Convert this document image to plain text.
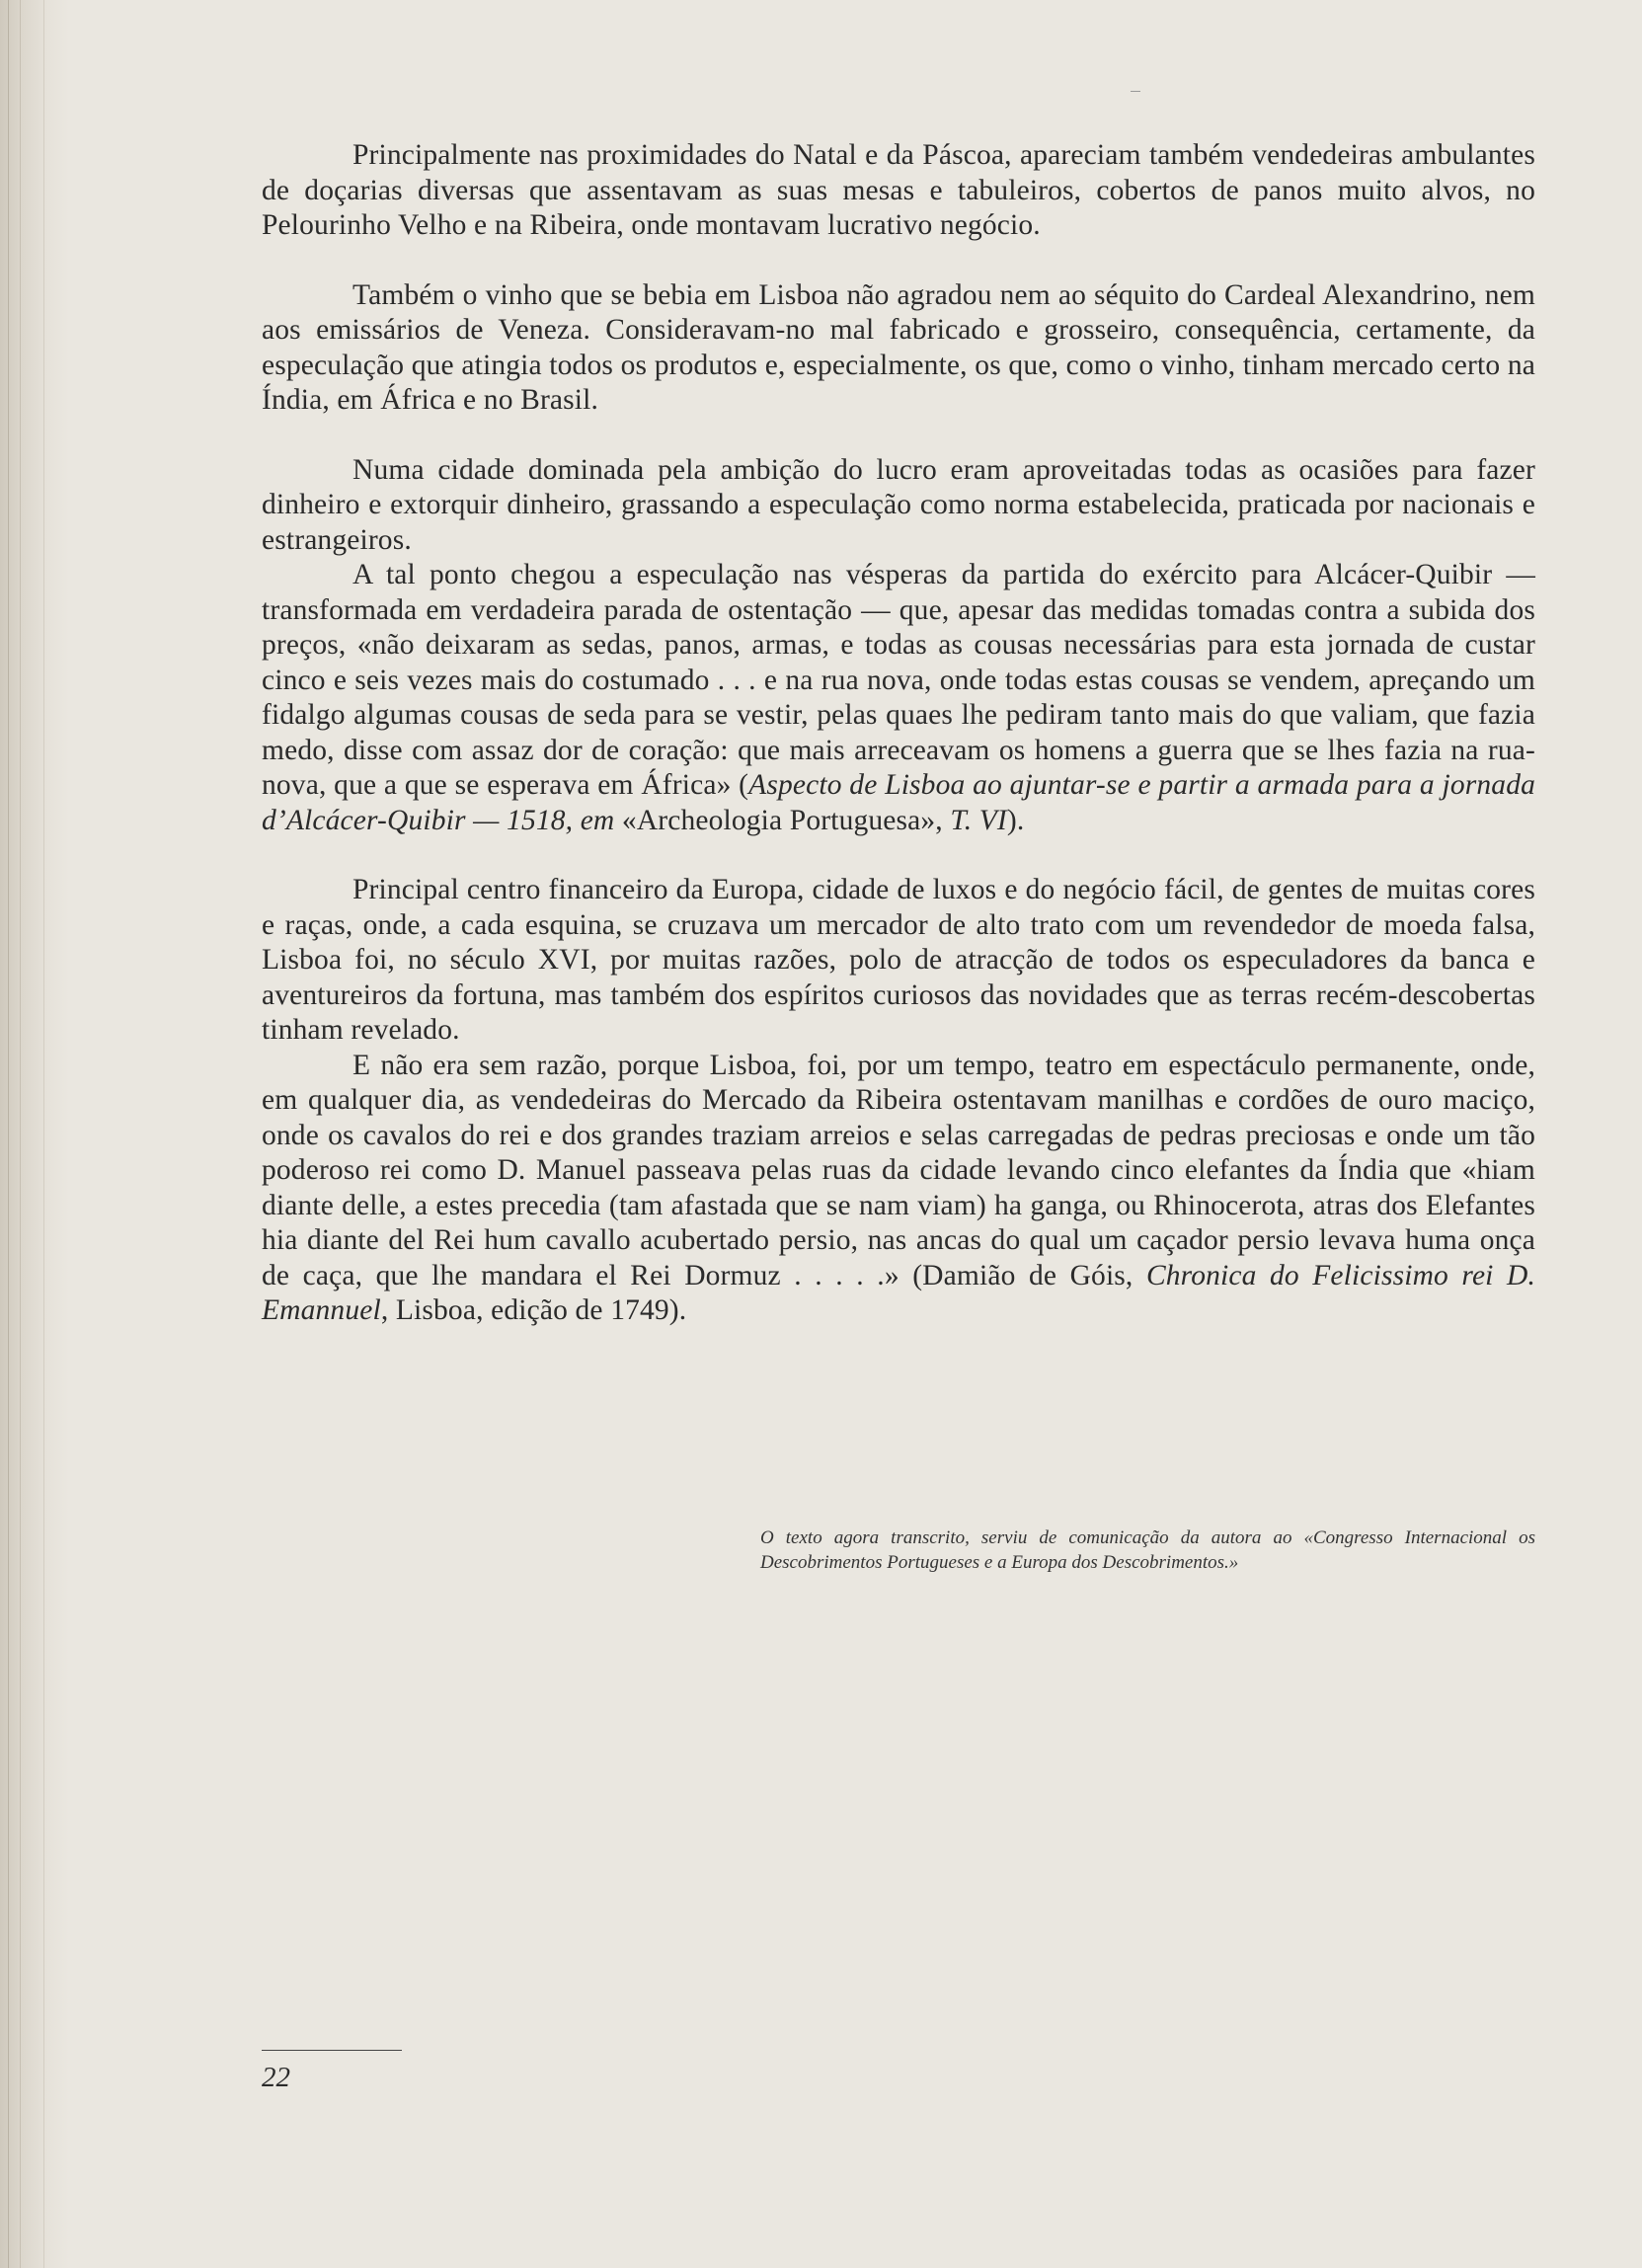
Principalmente nas proximidades do Natal e da Páscoa, apareciam também vendedeiras ambulantes de doçarias diversas que assentavam as suas mesas e tabuleiros, cobertos de panos muito alvos, no Pelourinho Velho e na Ribeira, onde montavam lucrativo negócio.

Também o vinho que se bebia em Lisboa não agradou nem ao séquito do Cardeal Alexandrino, nem aos emissários de Veneza. Consideravam-no mal fabricado e grosseiro, consequência, certamente, da especulação que atingia todos os produtos e, especialmente, os que, como o vinho, tinham mercado certo na Índia, em África e no Brasil.

Numa cidade dominada pela ambição do lucro eram aproveitadas todas as ocasiões para fazer dinheiro e extorquir dinheiro, grassando a especulação como norma estabelecida, praticada por nacionais e estrangeiros.

A tal ponto chegou a especulação nas vésperas da partida do exército para Alcácer-Quibir — transformada em verdadeira parada de ostentação — que, apesar das medidas tomadas contra a subida dos preços, «não deixaram as sedas, panos, armas, e todas as cousas necessárias para esta jornada de custar cinco e seis vezes mais do costumado . . . e na rua nova, onde todas estas cousas se vendem, apreçando um fidalgo algumas cousas de seda para se vestir, pelas quaes lhe pediram tanto mais do que valiam, que fazia medo, disse com assaz dor de coração: que mais arreceavam os homens a guerra que se lhes fazia na rua-nova, que a que se esperava em África» (Aspecto de Lisboa ao ajuntar-se e partir a armada para a jornada d’Alcácer-Quibir — 1518, em «Archeologia Portuguesa», T. VI).

Principal centro financeiro da Europa, cidade de luxos e do negócio fácil, de gentes de muitas cores e raças, onde, a cada esquina, se cruzava um mercador de alto trato com um revendedor de moeda falsa, Lisboa foi, no século XVI, por muitas razões, polo de atracção de todos os especuladores da banca e aventureiros da fortuna, mas também dos espíritos curiosos das novidades que as terras recém-descobertas tinham revelado.

E não era sem razão, porque Lisboa, foi, por um tempo, teatro em espectáculo permanente, onde, em qualquer dia, as vendedeiras do Mercado da Ribeira ostentavam manilhas e cordões de ouro maciço, onde os cavalos do rei e dos grandes traziam arreios e selas carregadas de pedras preciosas e onde um tão poderoso rei como D. Manuel passeava pelas ruas da cidade levando cinco elefantes da Índia que «hiam diante delle, a estes precedia (tam afastada que se nam viam) ha ganga, ou Rhinocerota, atras dos Elefantes hia diante del Rei hum cavallo acubertado persio, nas ancas do qual um caçador persio levava huma onça de caça, que lhe mandara el Rei Dormuz . . . . .» (Damião de Góis, Chronica do Felicissimo rei D. Emannuel, Lisboa, edição de 1749).

O texto agora transcrito, serviu de comunicação da autora ao «Congresso Internacional os Descobrimentos Portugueses e a Europa dos Descobrimentos.»
22
